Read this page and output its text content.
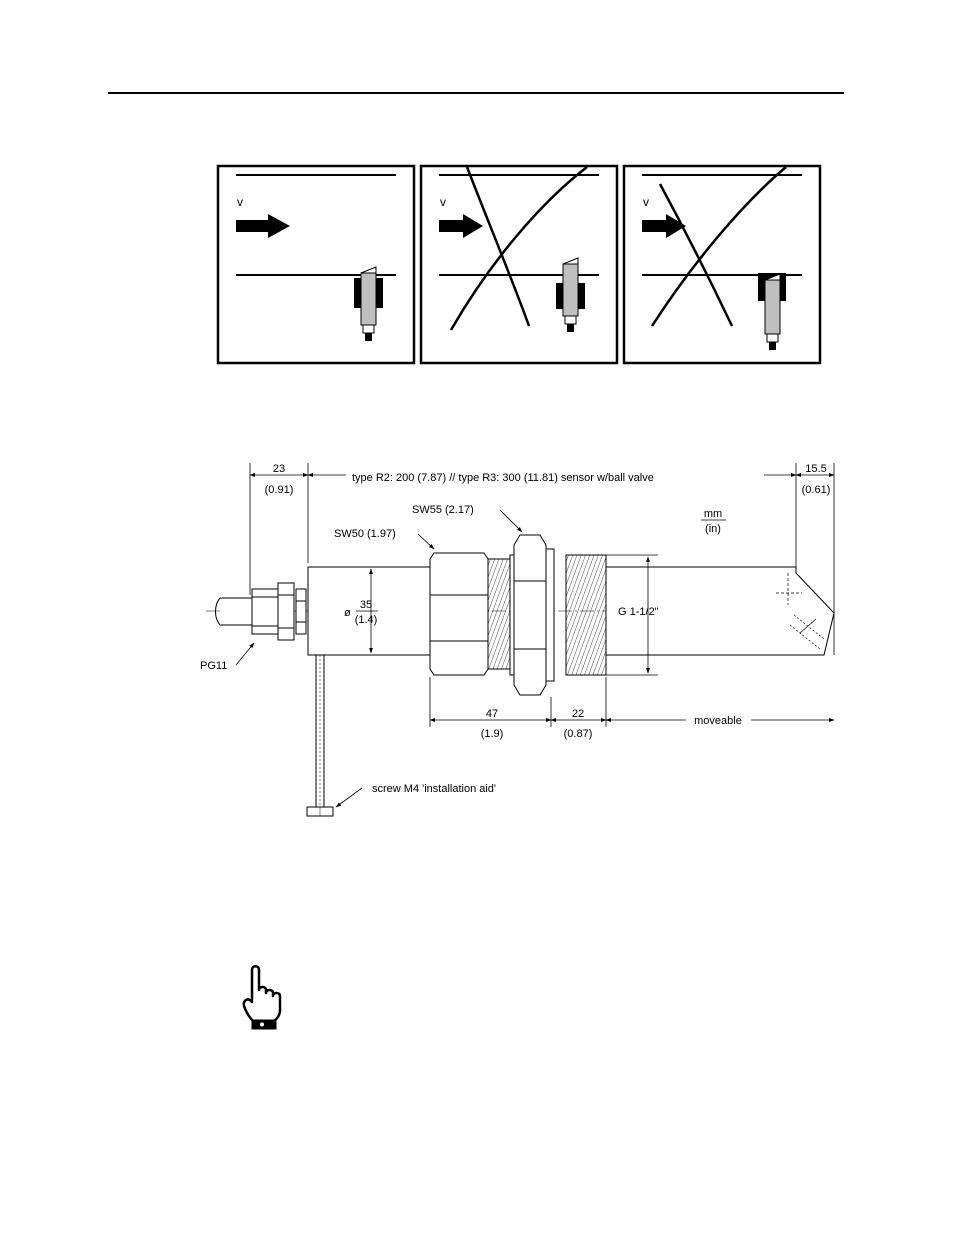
v	v	v
23
(0.91)
type R2: 200 (7.87) // type R3: 300 (11.81) sensor w/ball valve
15.5
(0.61)
mm
(in)
PG11
ø
35
(1.4)
SW50 (1.97)
SW55 (2.17)
G 1-1/2"
47
(1.9)
22
(0.87)
moveable
screw M4 'installation aid'
